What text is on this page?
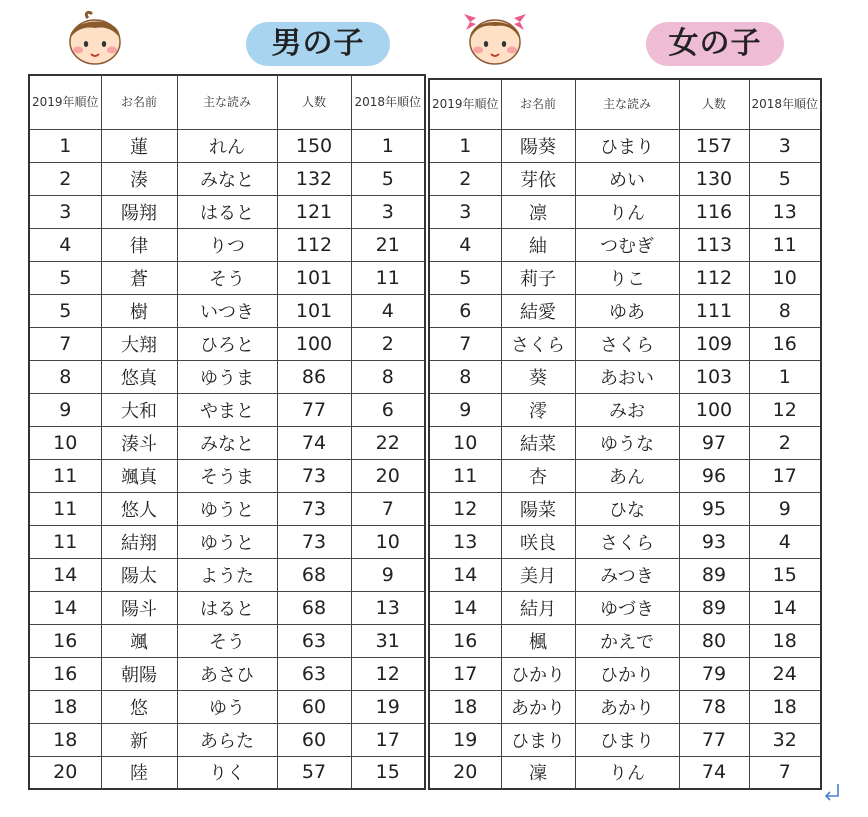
男の子	女の子
2019年順位	お名前	主な読み	人数	2018年順位
1	蓮	れん	150	1
2	湊	みなと	132	5
3	陽翔	はると	121	3
4	律	りつ	112	21
5	蒼	そう	101	11
5	樹	いつき	101	4
7	大翔	ひろと	100	2
8	悠真	ゆうま	86	8
9	大和	やまと	77	6
10	湊斗	みなと	74	22
11	颯真	そうま	73	20
11	悠人	ゆうと	73	7
11	結翔	ゆうと	73	10
14	陽太	ようた	68	9
14	陽斗	はると	68	13
16	颯	そう	63	31
16	朝陽	あさひ	63	12
18	悠	ゆう	60	19
18	新	あらた	60	17
20	陸	りく	57	15
2019年順位	お名前	主な読み	人数	2018年順位
1	陽葵	ひまり	157	3
2	芽依	めい	130	5
3	凛	りん	116	13
4	紬	つむぎ	113	11
5	莉子	りこ	112	10
6	結愛	ゆあ	111	8
7	さくら	さくら	109	16
8	葵	あおい	103	1
9	澪	みお	100	12
10	結菜	ゆうな	97	2
11	杏	あん	96	17
12	陽菜	ひな	95	9
13	咲良	さくら	93	4
14	美月	みつき	89	15
14	結月	ゆづき	89	14
16	楓	かえで	80	18
17	ひかり	ひかり	79	24
18	あかり	あかり	78	18
19	ひまり	ひまり	77	32
20	凜	りん	74	7
